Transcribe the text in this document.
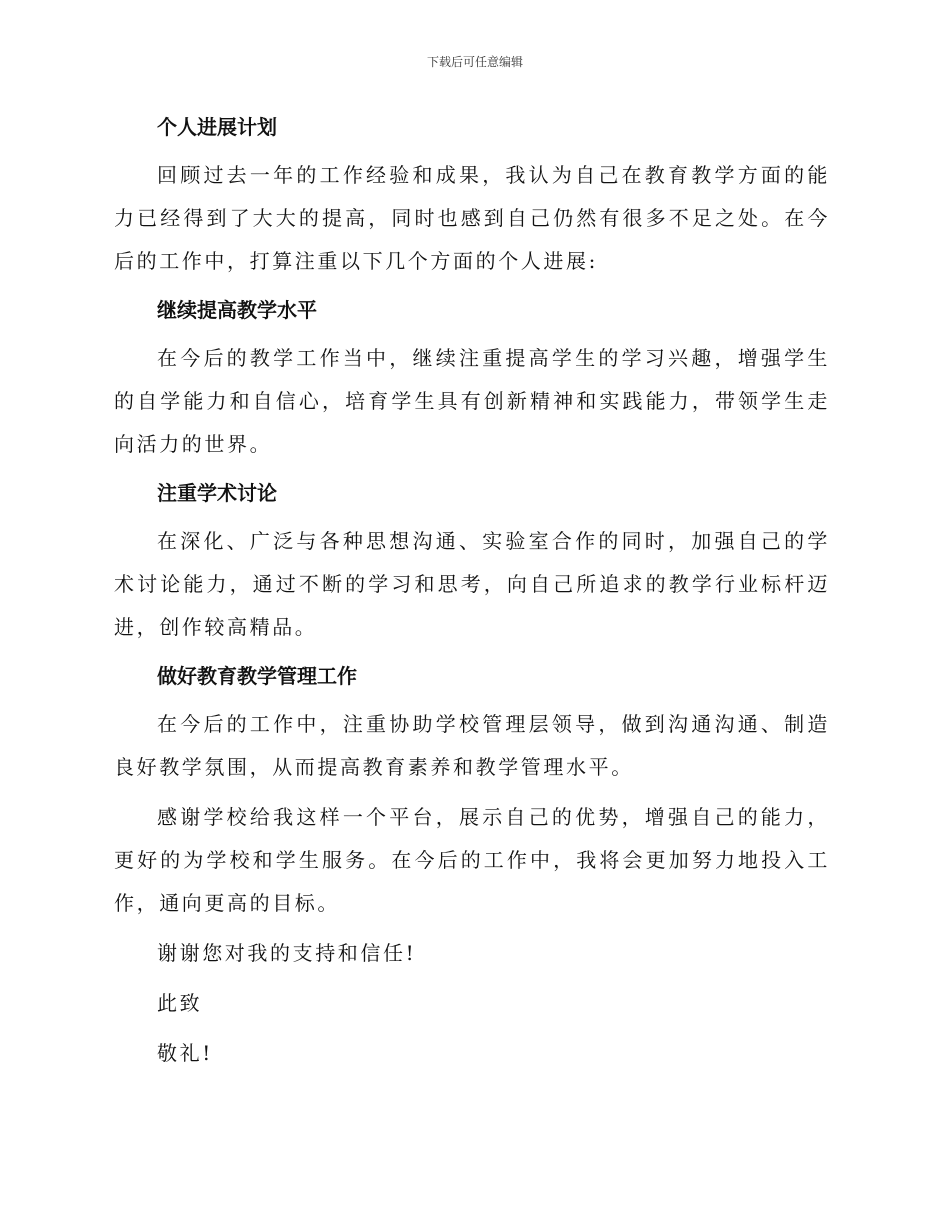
下载后可任意编辑

个人进展计划

回顾过去一年的工作经验和成果，我认为自己在教育教学方面的能力已经得到了大大的提高，同时也感到自己仍然有很多不足之处。在今后的工作中，打算注重以下几个方面的个人进展:

继续提高教学水平

在今后的教学工作当中，继续注重提高学生的学习兴趣，增强学生的自学能力和自信心，培育学生具有创新精神和实践能力，带领学生走向活力的世界。

注重学术讨论

在深化、广泛与各种思想沟通、实验室合作的同时，加强自己的学术讨论能力，通过不断的学习和思考，向自己所追求的教学行业标杆迈进，创作较高精品。

做好教育教学管理工作

在今后的工作中，注重协助学校管理层领导，做到沟通沟通、制造良好教学氛围，从而提高教育素养和教学管理水平。

感谢学校给我这样一个平台，展示自己的优势，增强自己的能力，更好的为学校和学生服务。在今后的工作中，我将会更加努力地投入工作，通向更高的目标。

谢谢您对我的支持和信任!

此致

敬礼!
